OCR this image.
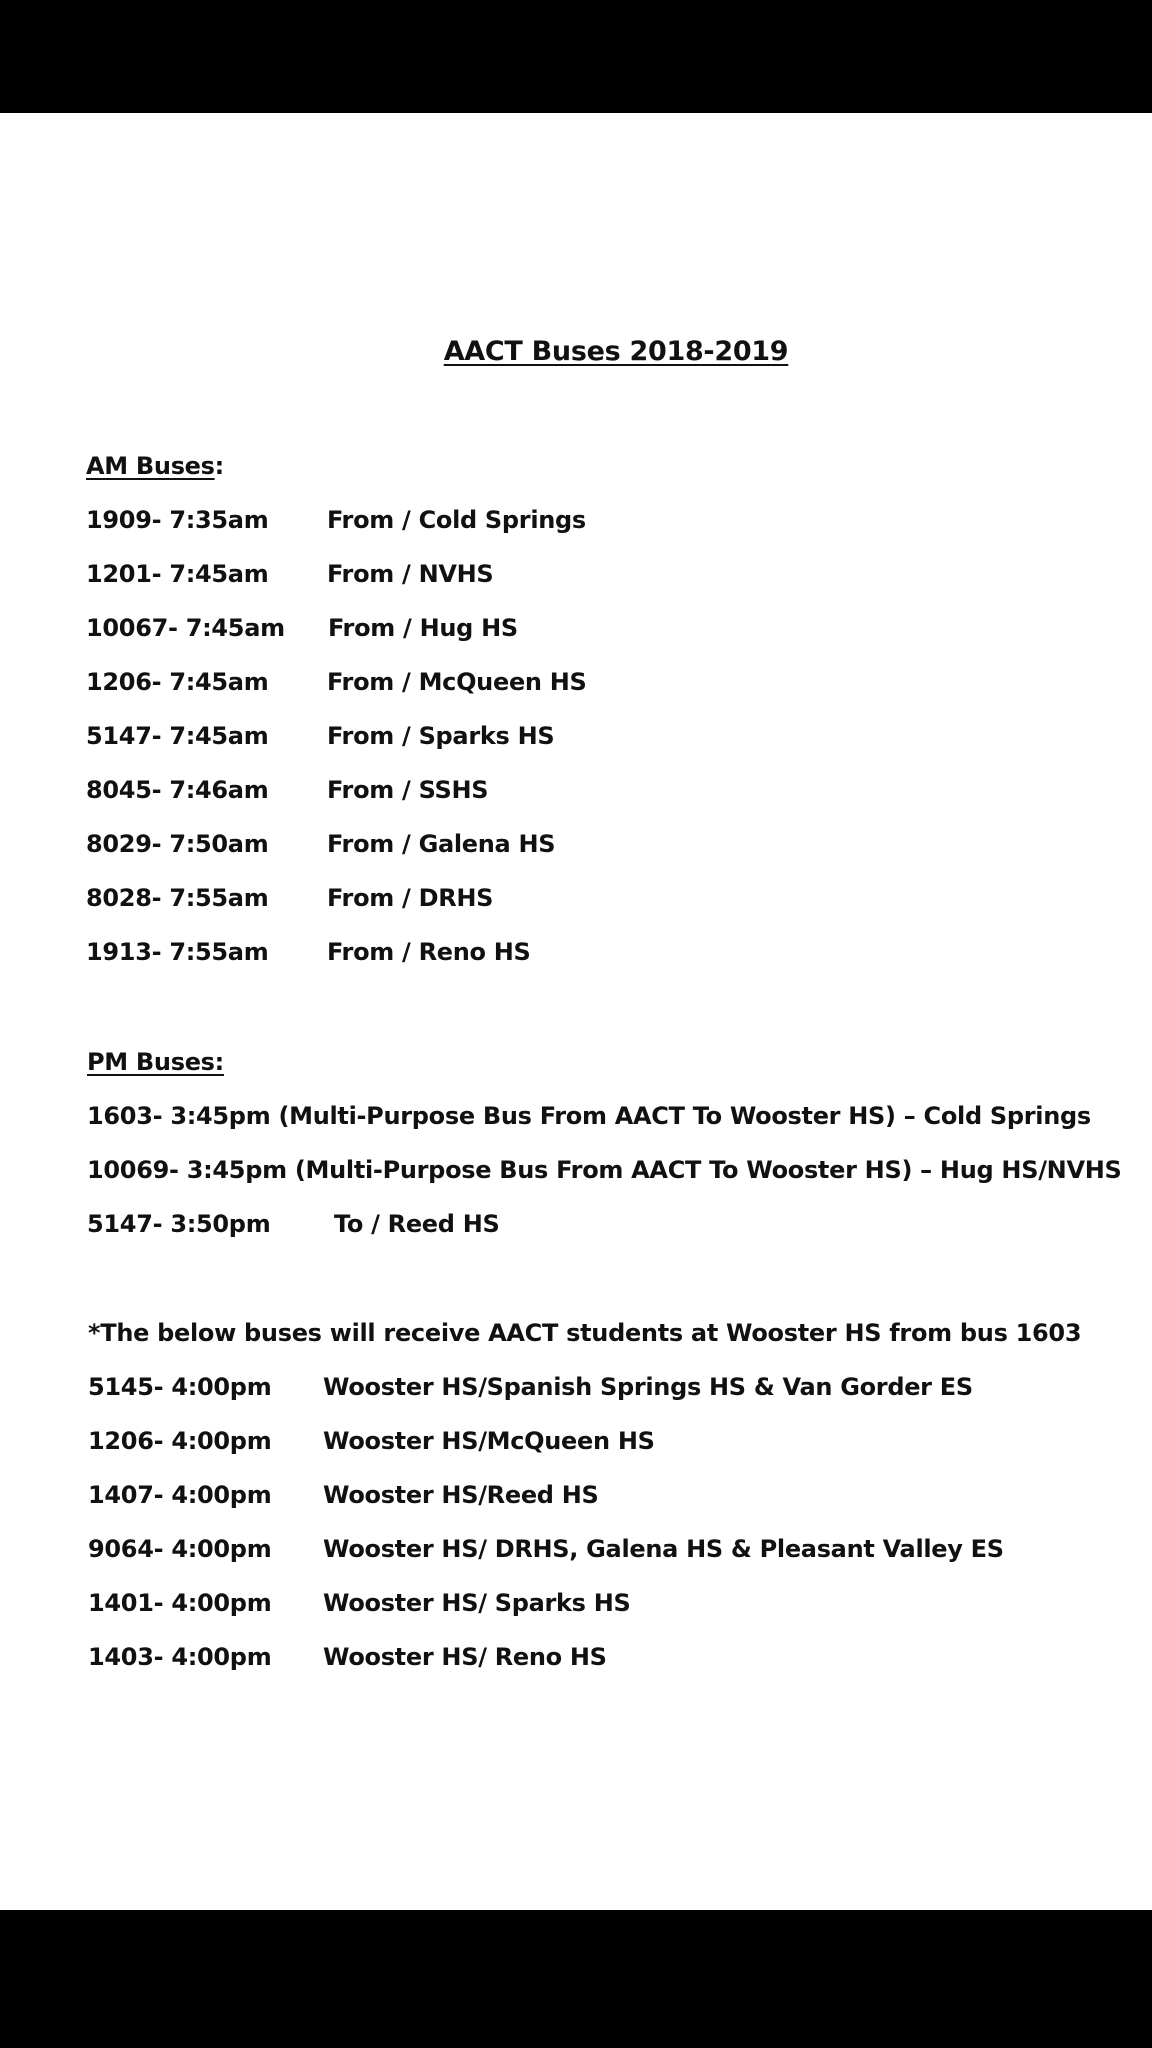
AACT Buses 2018-2019
AM Buses:
1909- 7:35am From / Cold Springs
1201- 7:45am From / NVHS
10067- 7:45am From / Hug HS
1206- 7:45am From / McQueen HS
5147- 7:45am From / Sparks HS
8045- 7:46am From / SSHS
8029- 7:50am From / Galena HS
8028- 7:55am From / DRHS
1913- 7:55am From / Reno HS
PM Buses:
1603- 3:45pm (Multi-Purpose Bus From AACT To Wooster HS) – Cold Springs
10069- 3:45pm (Multi-Purpose Bus From AACT To Wooster HS) – Hug HS/NVHS
5147- 3:50pm	To / Reed HS
*The below buses will receive AACT students at Wooster HS from bus 1603
5145- 4:00pm Wooster HS/Spanish Springs HS & Van Gorder ES
1206- 4:00pm Wooster HS/McQueen HS
1407- 4:00pm Wooster HS/Reed HS
9064- 4:00pm Wooster HS/ DRHS, Galena HS & Pleasant Valley ES
1401- 4:00pm Wooster HS/ Sparks HS
1403- 4:00pm Wooster HS/ Reno HS
